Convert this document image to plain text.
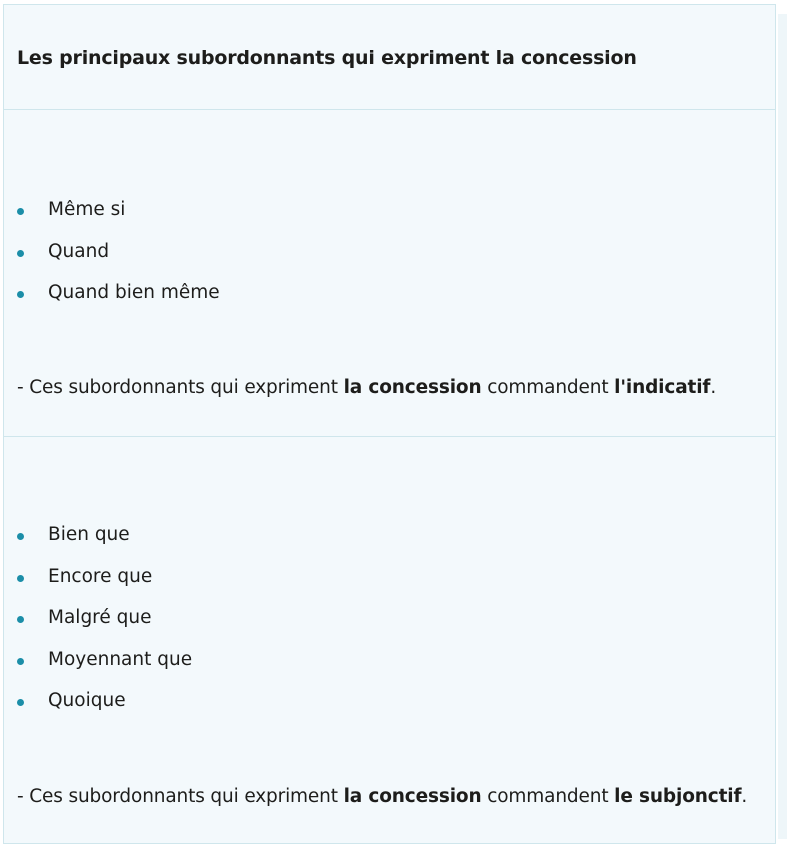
Les principaux subordonnants qui expriment la concession
Même si
Quand
Quand bien même
- Ces subordonnants qui expriment la concession commandent l'indicatif.
Bien que
Encore que
Malgré que
Moyennant que
Quoique
- Ces subordonnants qui expriment la concession commandent le subjonctif.
